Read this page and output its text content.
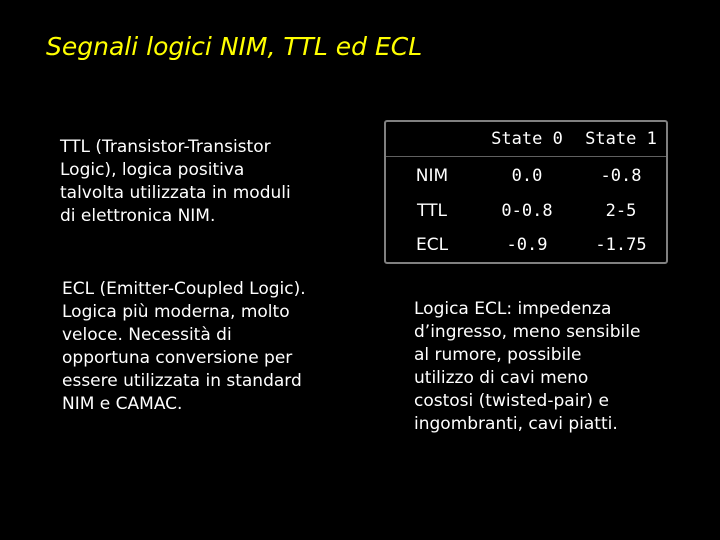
Segnali logici NIM, TTL ed ECL
TTL (Transistor-Transistor
Logic), logica positiva
talvolta utilizzata in moduli
di elettronica NIM.
ECL (Emitter-Coupled Logic).
Logica più moderna, molto
veloce. Necessità di
opportuna conversione per
essere utilizzata in standard
NIM e CAMAC.
	State 0	State 1
NIM	0.0	-0.8
TTL	0-0.8	2-5
ECL	-0.9	-1.75
Logica ECL: impedenza
d’ingresso, meno sensibile
al rumore, possibile
utilizzo di cavi meno
costosi (twisted-pair) e
ingombranti, cavi piatti.
